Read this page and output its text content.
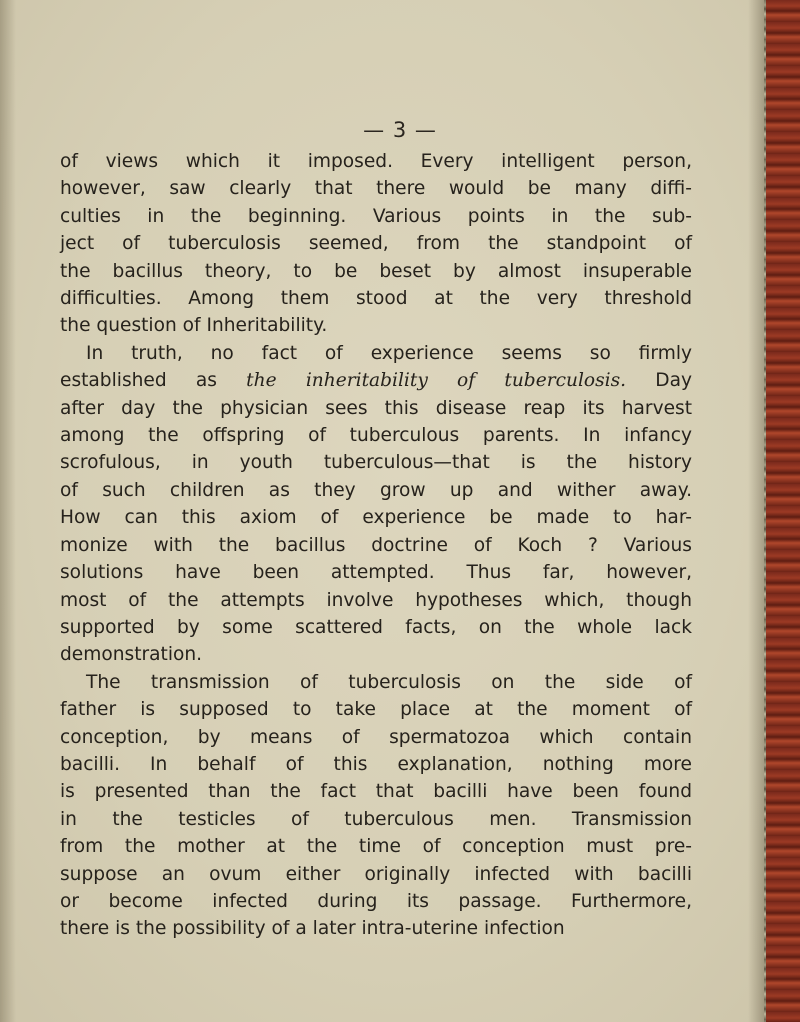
— 3 —

of views which it imposed. Every intelligent person,
however, saw clearly that there would be many diffi-
culties in the beginning. Various points in the sub-
ject of tuberculosis seemed, from the standpoint of
the bacillus theory, to be beset by almost insuperable
difficulties. Among them stood at the very threshold
the question of Inheritability.

In truth, no fact of experience seems so firmly
established as the inheritability of tuberculosis. Day
after day the physician sees this disease reap its harvest
among the offspring of tuberculous parents. In infancy
scrofulous, in youth tuberculous—that is the history
of such children as they grow up and wither away.
How can this axiom of experience be made to har-
monize with the bacillus doctrine of Koch ? Various
solutions have been attempted. Thus far, however,
most of the attempts involve hypotheses which, though
supported by some scattered facts, on the whole lack
demonstration.

The transmission of tuberculosis on the side of
father is supposed to take place at the moment of
conception, by means of spermatozoa which contain
bacilli. In behalf of this explanation, nothing more
is presented than the fact that bacilli have been found
in the testicles of tuberculous men. Transmission
from the mother at the time of conception must pre-
suppose an ovum either originally infected with bacilli
or become infected during its passage. Furthermore,
there is the possibility of a later intra-uterine infection
